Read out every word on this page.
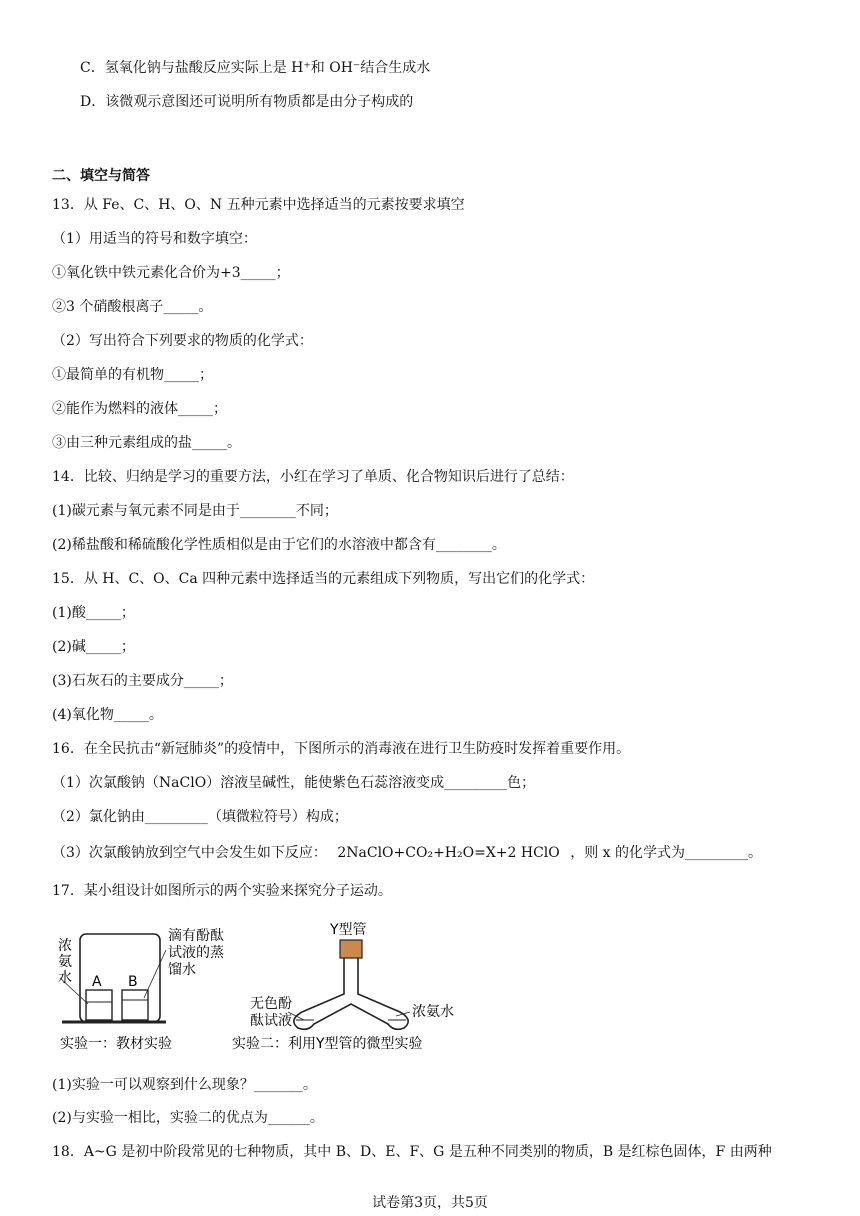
C．氢氧化钠与盐酸反应实际上是 H⁺和 OH⁻结合生成水
D．该微观示意图还可说明所有物质都是由分子构成的
二、填空与简答
13．从 Fe、C、H、O、N 五种元素中选择适当的元素按要求填空
（1）用适当的符号和数字填空：
①氧化铁中铁元素化合价为+3_____；
②3 个硝酸根离子_____。
（2）写出符合下列要求的物质的化学式：
①最简单的有机物_____；
②能作为燃料的液体_____；
③由三种元素组成的盐_____。
14．比较、归纳是学习的重要方法，小红在学习了单质、化合物知识后进行了总结：
(1)碳元素与氧元素不同是由于________不同；
(2)稀盐酸和稀硫酸化学性质相似是由于它们的水溶液中都含有________。
15．从 H、C、O、Ca 四种元素中选择适当的元素组成下列物质，写出它们的化学式：
(1)酸_____；
(2)碱_____；
(3)石灰石的主要成分_____；
(4)氧化物_____。
16．在全民抗击“新冠肺炎”的疫情中，下图所示的消毒液在进行卫生防疫时发挥着重要作用。
（1）次氯酸钠（NaClO）溶液呈碱性，能使紫色石蕊溶液变成_________色；
（2）氯化钠由_________（填微粒符号）构成；
（3）次氯酸钠放到空气中会发生如下反应： 2NaClO+CO₂+H₂O=X+2 HClO ，则 x 的化学式为_________。
17．某小组设计如图所示的两个实验来探究分子运动。
浓
氨
水 A B
滴有酚酞
试液的蒸
馏水
实验一：教材实验
Y型管
无色酚
酞试液
浓氨水
实验二：利用Y型管的微型实验
(1)实验一可以观察到什么现象？_______。
(2)与实验一相比，实验二的优点为______。
18．A~G 是初中阶段常见的七种物质，其中 B、D、E、F、G 是五种不同类别的物质，B 是红棕色固体，F 由两种
试卷第3页，共5页
